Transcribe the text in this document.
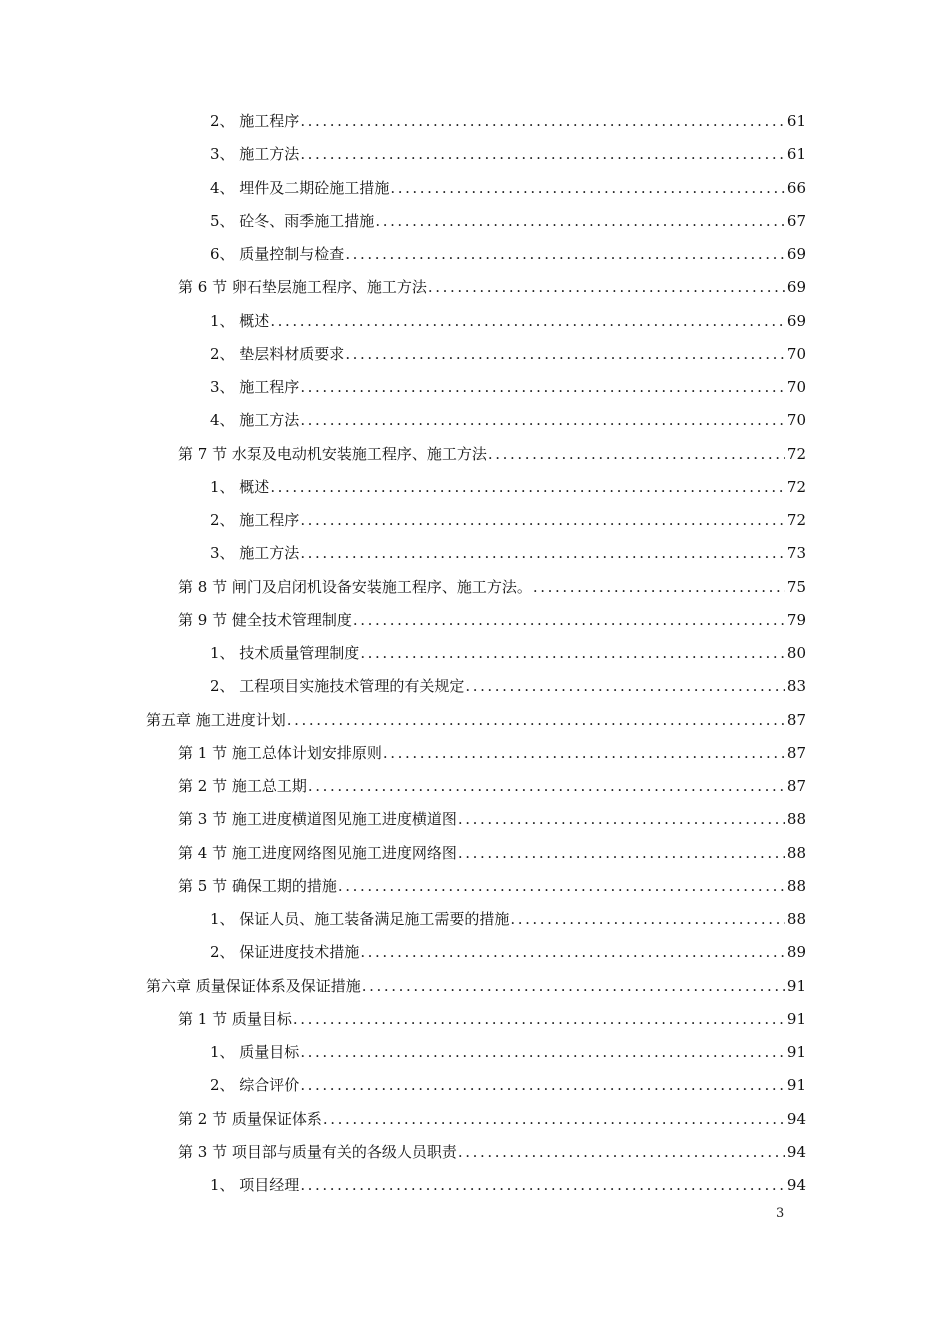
2、 施工程序 .....	61
3、 施工方法 .....	61
4、 埋件及二期砼施工措施 .....	66
5、 砼冬、雨季施工措施 .....	67
6、 质量控制与检查 .....	69
第 6 节 卵石垫层施工程序、施工方法 .....	69
1、 概述 .....	69
2、 垫层料材质要求 .....	70
3、 施工程序 .....	70
4、 施工方法 .....	70
第 7 节 水泵及电动机安装施工程序、施工方法 .....	72
1、 概述 .....	72
2、 施工程序 .....	72
3、 施工方法 .....	73
第 8 节 闸门及启闭机设备安装施工程序、施工方法。 .....	75
第 9 节 健全技术管理制度 .....	79
1、 技术质量管理制度 .....	80
2、 工程项目实施技术管理的有关规定 .....	83
第五章 施工进度计划 .....	87
第 1 节 施工总体计划安排原则 .....	87
第 2 节 施工总工期 .....	87
第 3 节 施工进度横道图见施工进度横道图 .....	88
第 4 节 施工进度网络图见施工进度网络图 .....	88
第 5 节 确保工期的措施 .....	88
1、 保证人员、施工装备满足施工需要的措施 .....	88
2、 保证进度技术措施 .....	89
第六章 质量保证体系及保证措施 .....	91
第 1 节 质量目标 .....	91
1、 质量目标 .....	91
2、 综合评价 .....	91
第 2 节 质量保证体系 .....	94
第 3 节 项目部与质量有关的各级人员职责 .....	94
1、 项目经理 .....	94
3
